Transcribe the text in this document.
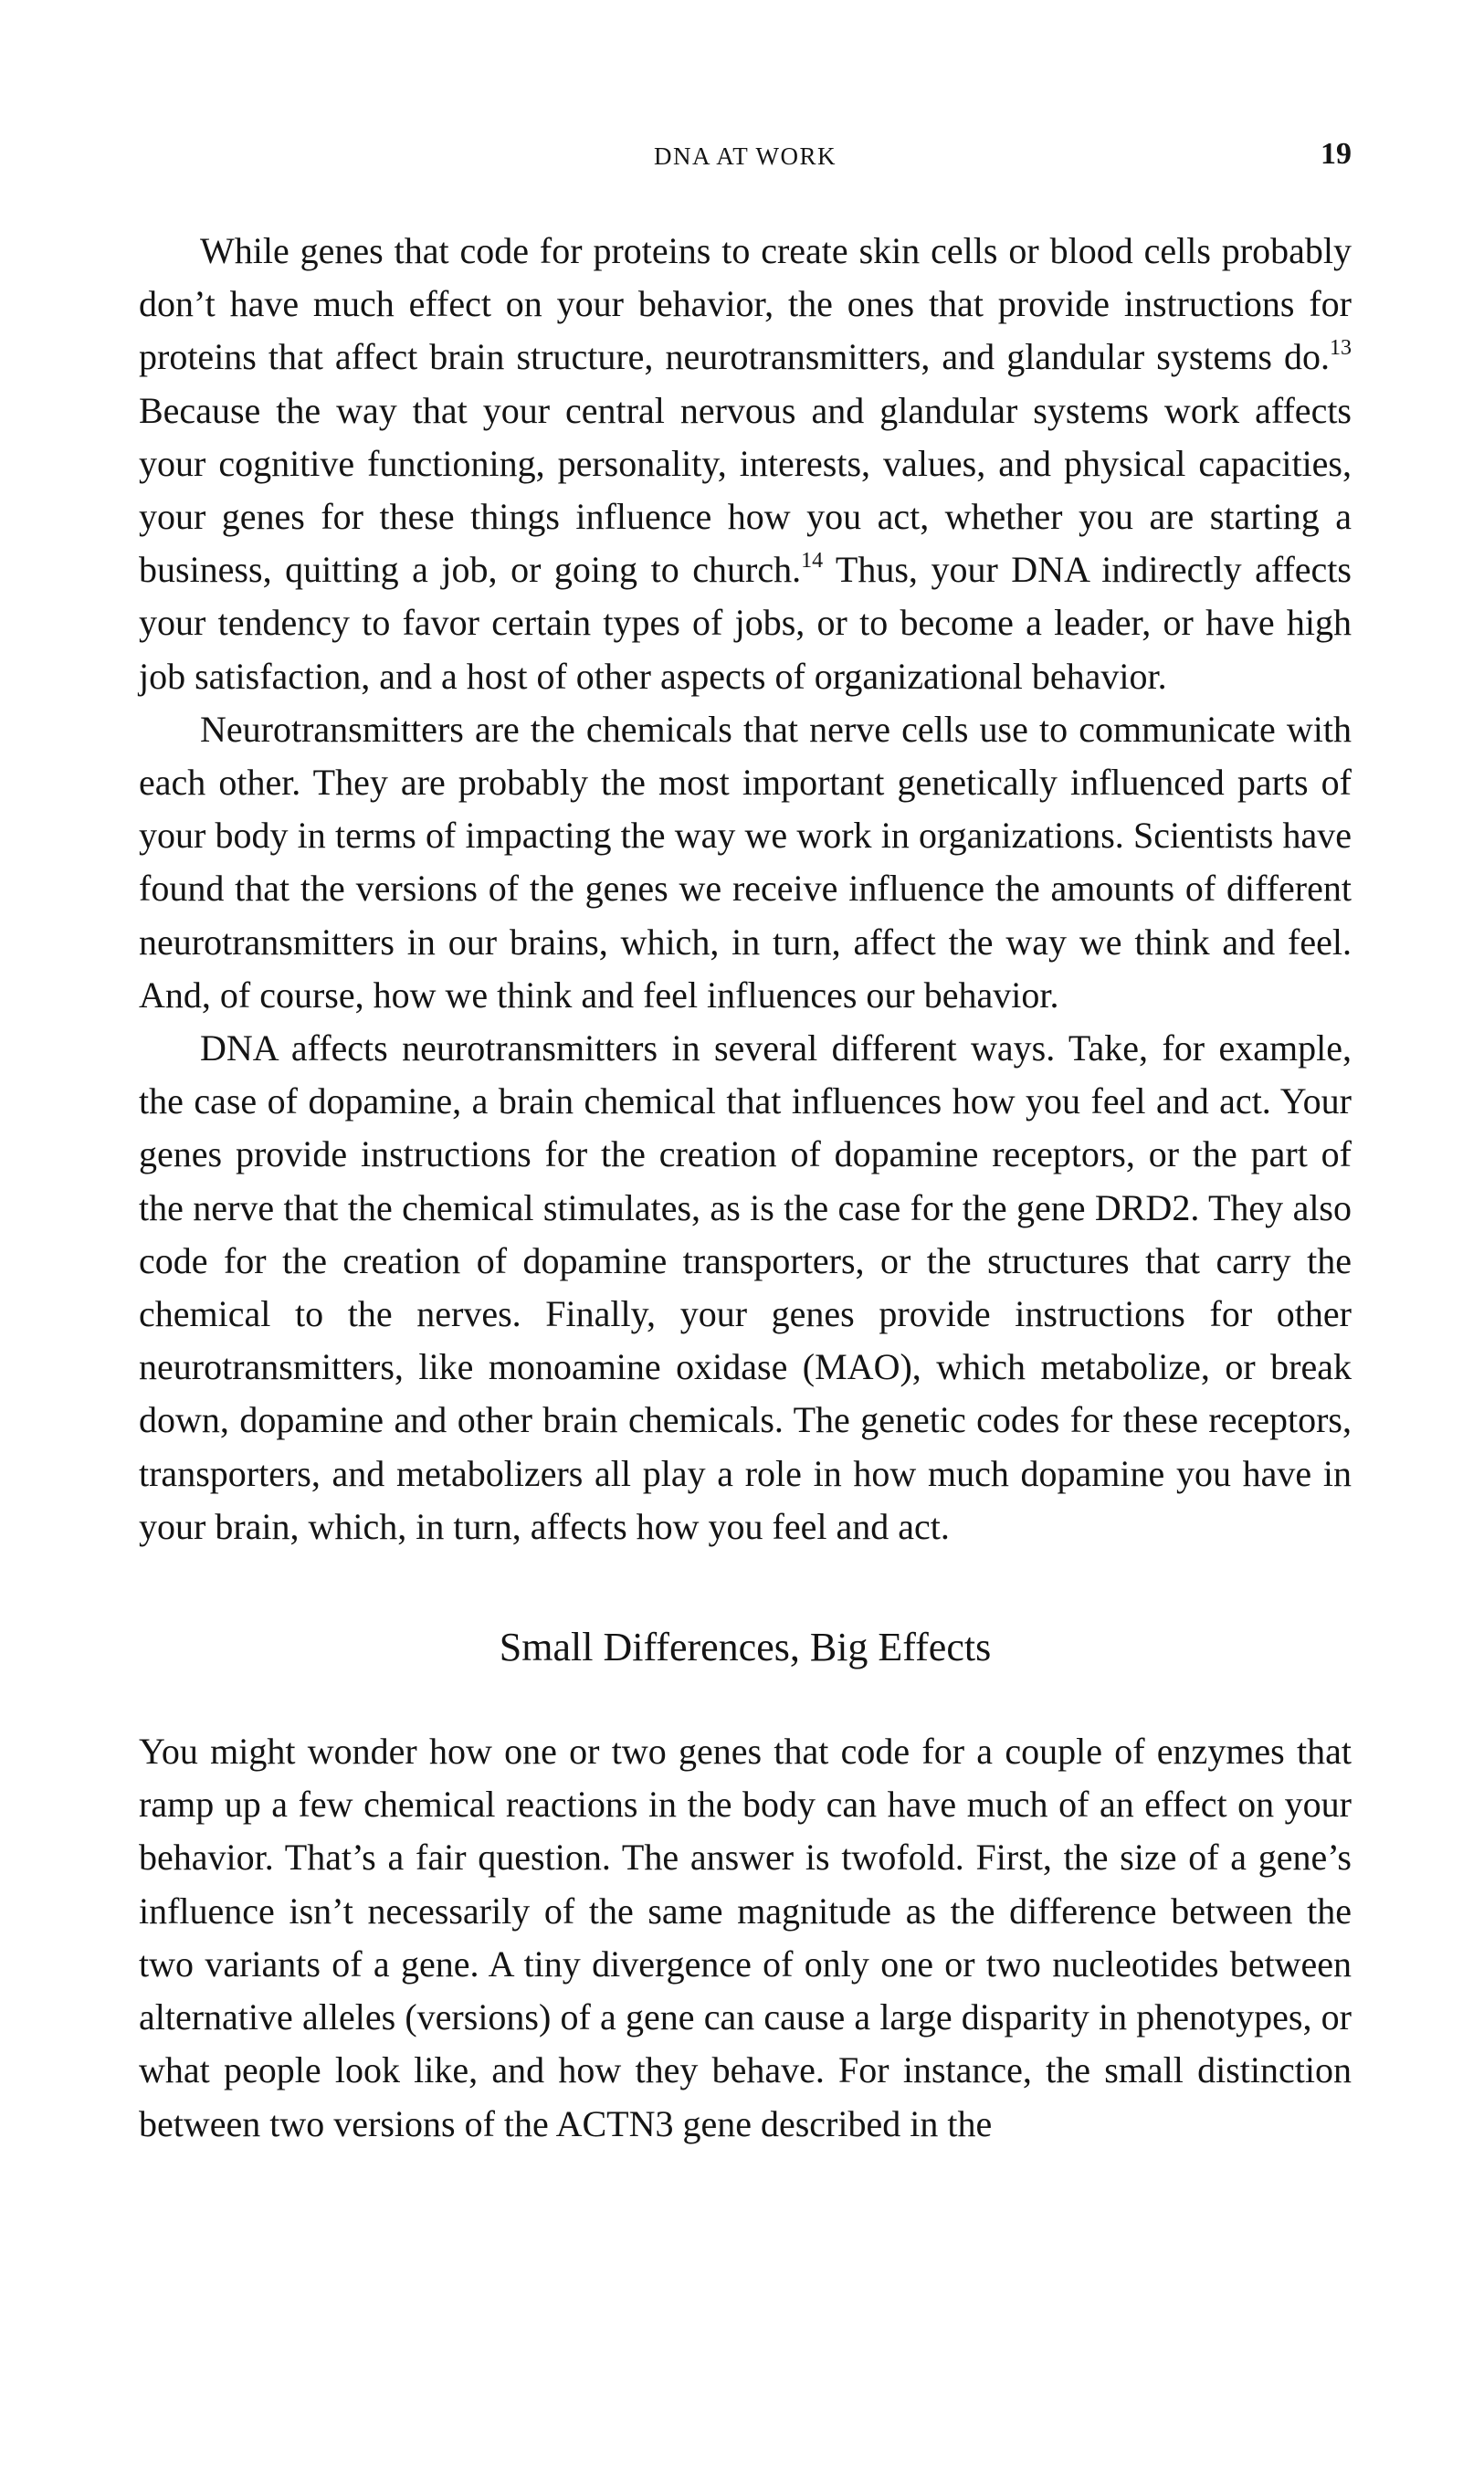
DNA AT WORK	19

While genes that code for proteins to create skin cells or blood cells probably don’t have much effect on your behavior, the ones that provide instructions for proteins that affect brain structure, neurotransmitters, and glandular systems do.$^{13}$ Because the way that your central nervous and glandular systems work affects your cognitive functioning, personality, interests, values, and physical capacities, your genes for these things influence how you act, whether you are starting a business, quitting a job, or going to church.$^{14}$ Thus, your DNA indirectly affects your tendency to favor certain types of jobs, or to become a leader, or have high job satisfaction, and a host of other aspects of organizational behavior.

Neurotransmitters are the chemicals that nerve cells use to communicate with each other. They are probably the most important genetically influenced parts of your body in terms of impacting the way we work in organizations. Scientists have found that the versions of the genes we receive influence the amounts of different neurotransmitters in our brains, which, in turn, affect the way we think and feel. And, of course, how we think and feel influences our behavior.

DNA affects neurotransmitters in several different ways. Take, for example, the case of dopamine, a brain chemical that influences how you feel and act. Your genes provide instructions for the creation of dopamine receptors, or the part of the nerve that the chemical stimulates, as is the case for the gene DRD2. They also code for the creation of dopamine transporters, or the structures that carry the chemical to the nerves. Finally, your genes provide instructions for other neurotransmitters, like monoamine oxidase (MAO), which metabolize, or break down, dopamine and other brain chemicals. The genetic codes for these receptors, transporters, and metabolizers all play a role in how much dopamine you have in your brain, which, in turn, affects how you feel and act.

Small Differences, Big Effects

You might wonder how one or two genes that code for a couple of enzymes that ramp up a few chemical reactions in the body can have much of an effect on your behavior. That’s a fair question. The answer is twofold. First, the size of a gene’s influence isn’t necessarily of the same magnitude as the difference between the two variants of a gene. A tiny divergence of only one or two nucleotides between alternative alleles (versions) of a gene can cause a large disparity in phenotypes, or what people look like, and how they behave. For instance, the small distinction between two versions of the ACTN3 gene described in the
